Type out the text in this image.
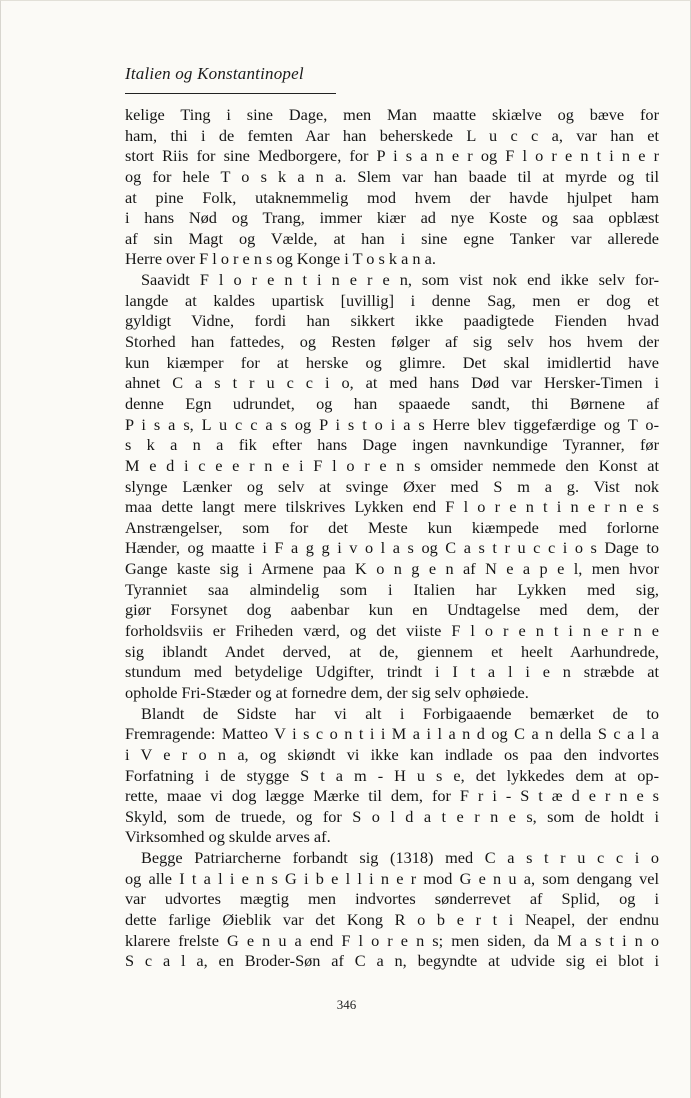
Italien og Konstantinopel
kelige Ting i sine Dage, men Man maatte skiælve og bæve for
ham, thi i de femten Aar han beherskede L u c c a, var han et
stort Riis for sine Medborgere, for P i s a n e r og F l o r e n t i n e r
og for hele T o s k a n a. Slem var han baade til at myrde og til
at pine Folk, utaknemmelig mod hvem der havde hjulpet ham
i hans Nød og Trang, immer kiær ad nye Koste og saa opblæst
af sin Magt og Vælde, at han i sine egne Tanker var allerede
Herre over F l o r e n s og Konge i T o s k a n a.
Saavidt F l o r e n t i n e r e n, som vist nok end ikke selv for-
langde at kaldes upartisk [uvillig] i denne Sag, men er dog et
gyldigt Vidne, fordi han sikkert ikke paadigtede Fienden hvad
Storhed han fattedes, og Resten følger af sig selv hos hvem der
kun kiæmper for at herske og glimre. Det skal imidlertid have
ahnet C a s t r u c c i o, at med hans Død var Hersker-Timen i
denne Egn udrundet, og han spaaede sandt, thi Børnene af
P i s a s, L u c c a s og P i s t o i a s Herre blev tiggefærdige og T o-
s k a n a fik efter hans Dage ingen navnkundige Tyranner, før
M e d i c e e r n e i F l o r e n s omsider nemmede den Konst at
slynge Lænker og selv at svinge Øxer med S m a g. Vist nok
maa dette langt mere tilskrives Lykken end F l o r e n t i n e r n e s
Anstrængelser, som for det Meste kun kiæmpede med forlorne
Hænder, og maatte i F a g g i v o l a s og C a s t r u c c i o s Dage to
Gange kaste sig i Armene paa K o n g e n af N e a p e l, men hvor
Tyranniet saa almindelig som i Italien har Lykken med sig,
giør Forsynet dog aabenbar kun en Undtagelse med dem, der
forholdsviis er Friheden værd, og det viiste F l o r e n t i n e r n e
sig iblandt Andet derved, at de, giennem et heelt Aarhundrede,
stundum med betydelige Udgifter, trindt i I t a l i e n stræbde at
opholde Fri-Stæder og at fornedre dem, der sig selv ophøiede.
Blandt de Sidste har vi alt i Forbigaaende bemærket de to
Fremragende: Matteo V i s c o n t i i M a i l a n d og C a n della S c a l a
i V e r o n a, og skiøndt vi ikke kan indlade os paa den indvortes
Forfatning i de stygge S t a m - H u s e, det lykkedes dem at op-
rette, maae vi dog lægge Mærke til dem, for F r i - S t æ d e r n e s
Skyld, som de truede, og for S o l d a t e r n e s, som de holdt i
Virksomhed og skulde arves af.
Begge Patriarcherne forbandt sig (1318) med C a s t r u c c i o
og alle I t a l i e n s G i b e l l i n e r mod G e n u a, som dengang vel
var udvortes mægtig men indvortes sønderrevet af Splid, og i
dette farlige Øieblik var det Kong R o b e r t i Neapel, der endnu
klarere frelste G e n u a end F l o r e n s; men siden, da M a s t i n o
S c a l a, en Broder-Søn af C a n, begyndte at udvide sig ei blot i
346
